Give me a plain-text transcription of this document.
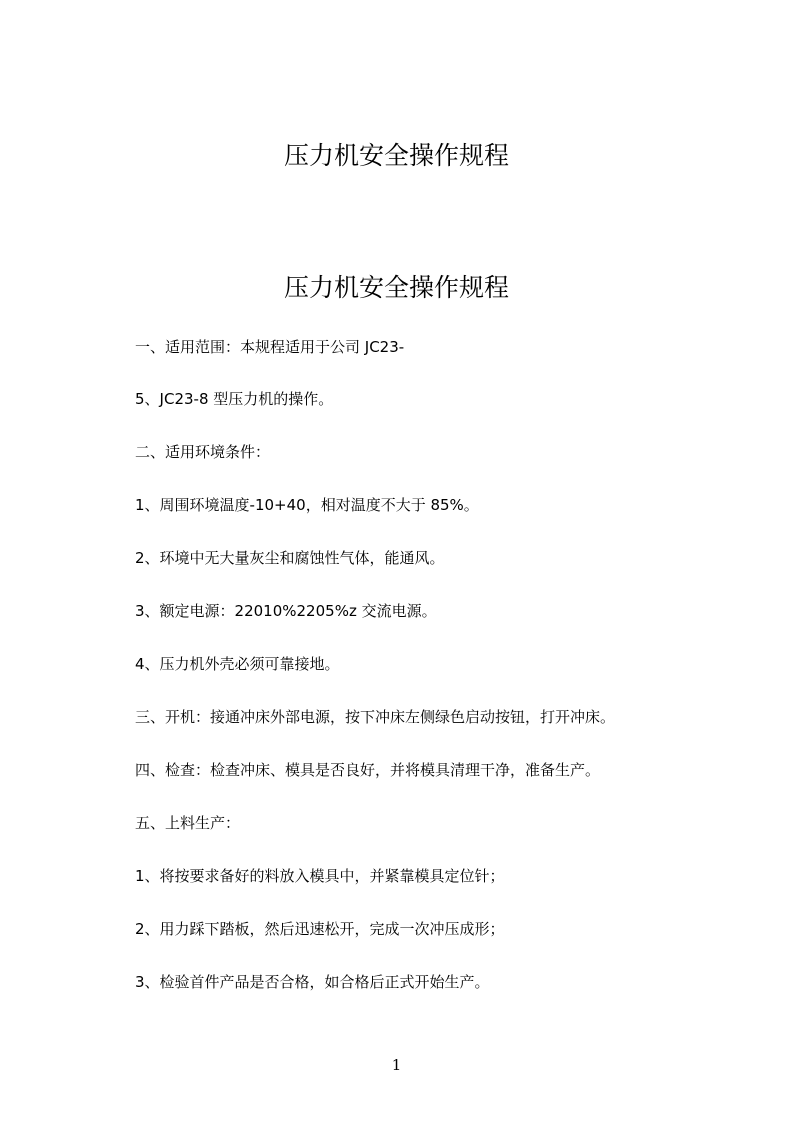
压力机安全操作规程
压力机安全操作规程

一、适用范围：本规程适用于公司 JC23-

5、JC23-8 型压力机的操作。

二、适用环境条件：

1、周围环境温度-10+40，相对温度不大于 85%。

2、环境中无大量灰尘和腐蚀性气体，能通风。

3、额定电源：22010%2205%z 交流电源。

4、压力机外壳必须可靠接地。

三、开机：接通冲床外部电源，按下冲床左侧绿色启动按钮，打开冲床。

四、检查：检查冲床、模具是否良好，并将模具清理干净，准备生产。

五、上料生产：

1、将按要求备好的料放入模具中，并紧靠模具定位针；

2、用力踩下踏板，然后迅速松开，完成一次冲压成形；

3、检验首件产品是否合格，如合格后正式开始生产。

1
